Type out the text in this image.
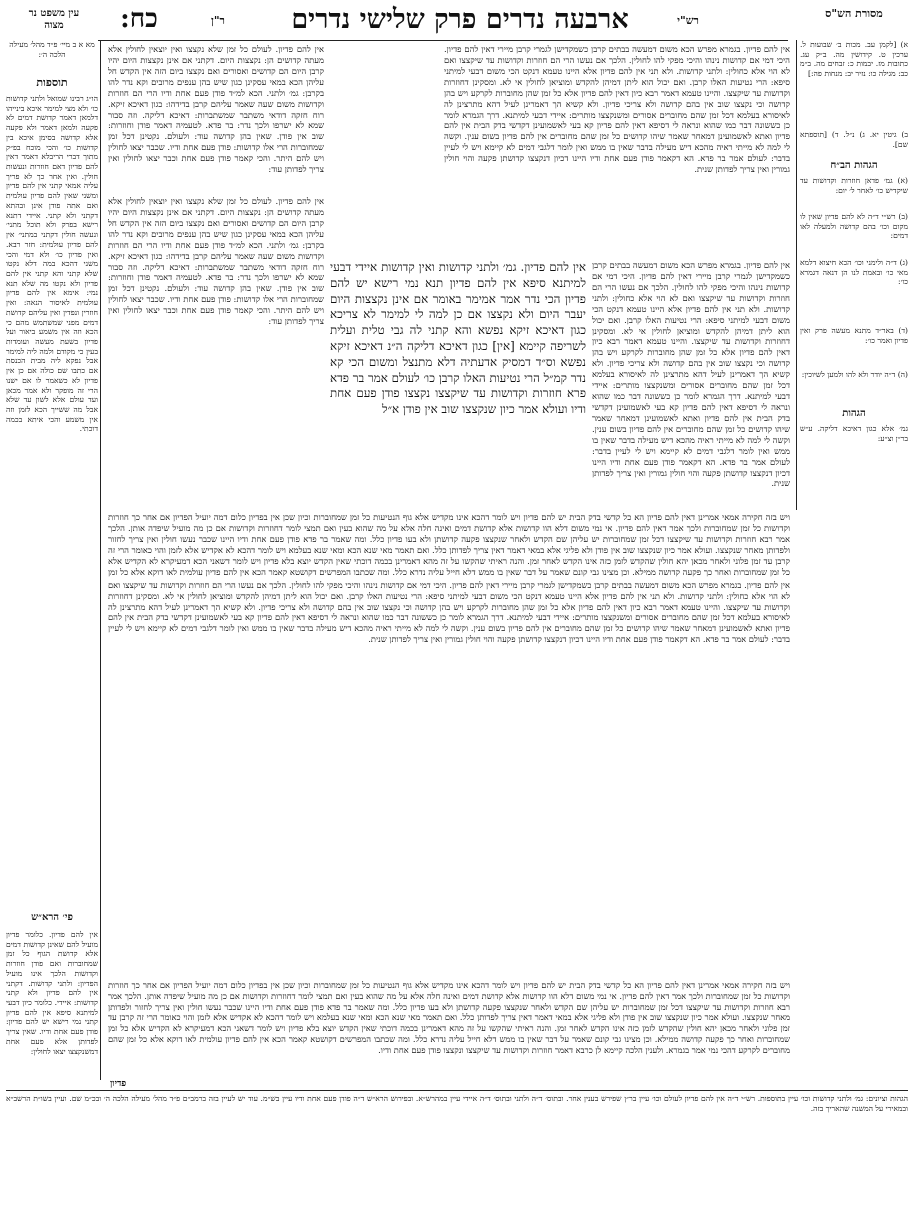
עין משפט נר מצוה	כח:	ר"ן	ארבעה נדרים פרק שלישי נדרים	רש"י
מסורת הש"ס
מא א ב מיי׳ פ״ד מהל׳ מעילה הלכה ה׳:
תוספות
הו״ג רבינו שמואל ולתני קדושות כו׳ ולא מצי למימר איכא בינייהו דלמאן דאמר קדושת דמים לא פקעה ולמאן דאמר ולא פקעה אלא קדושה בסימן איכא בין קדושות כו׳ והכי מוכח בפ״ק מתוך דברי הריבלא דאמר דאין להם פדיון דאם חוזרות ונעשות חולין. ואין אחר כך לא פריך עליה אמאי קתני אין להם פדיון ומשני שאין להם פדיון עולמית ואם אתה פודן אינן ובהתא דקתני ולא קתני. איידי דתנא רישא בפרק ולא תוכל מתני׳ ונעשה חולין דקתני במתני׳ אין להם פדיון עולמית: חזר רבא. ואין פדיון כו׳ ולא דמי והכי משני דהכא במה דלא נקטו שלא קתני והא קתני אין להם פדיון ולא נקטו מה שלא תנא נמי: אימא אין להם פדיון עולמית לאיסור הנאה: ואין חוזרין ונפדין ואין עליהם קדושת דמים מפני שמשתמש מהם כי הכא וזה אין משמע ביאור ועל פדיון בשעת מעשה ועומדות בעין כי מקודם ולמה ליה למימר אבל נפקא ליה מבית הכנסת אם כתבו שם כולה אם כן אין פדיון לא כשאמר לו אם ישנו הרי זה מופקר ולא אמר מכאן ועד עולם אלא לשון עד שלא אבל מה ששייך הכא לזמן וזה אין משמע והכי איתא בכמה דוכתי.
פי׳ הרא״ש
אין להם פדיון. כלומר פדיון מועיל להם שאינן קדושות דמים אלא קדושת הגוף כל זמן שמחוברות ואם פודן חוזרות וקדושות הלכך אינו מועיל הפדיון: ולתני קדושות. דקתני אין להם פדיון ולא קתני קדושות: איידי. כלומר כיון דבעי למיתנא סיפא אין להם פדיון קתני נמי רישא יש להם פדיון: פודן פעם אחת ודיו. שאין צריך לפדותן אלא פעם אחת דמשנקצצו יצאו לחולין:
א) [לקמן עב. מכות ב׳ שבועות ל. ערכין ט. קידושין מה. ב״ק עג. כתובות מז. יבמות כ: זבחים מה. ב״מ כב: מגילה כו: נזיר יב: מנחות פה:]
ב) גיטין יא. ג) נ״ל. ד) [תוספתא שם].
הגהות הב״ח
(א) גמ׳ פדאן חוזרות וקדושות עד שיקדיש כו׳ לאחר ל׳ יום:
(ב) רש״י ד״ה לא להם פדיון שאין לו מקום וכו׳ בהם קדושה ולמעלה לאו דמים:
(ג) ד״ה ולימני וכו׳ הכא חיצוא דלמא מאי כו׳ ובאמת לנו הן דנאה דגמרא כו׳:
(ד) באר״ד מתנא מעשה פרק ואין פדיון ואמר כו׳:
(ה) ד״ה יודר ולא להו ולמען לשיוכין:
הגהות
גמ׳ אלא כגון דאיכא דליקה. ע״ש בר״ן וצ״ע:
אין להם פדיון. לעולם כל זמן שלא נקצצו ואין יוצאין לחולין אלא מעתה קדושים הן: נקצצות היום. דקתני אם אינן נקצצות היום יהיו קרבן היום הם קדושים ואסורים ואם נקצצו ביום הזה אין הקדש חל עליהן הכא במאי עסקינן כגון שיש בהן ענפים מרובים וקא נדר להו בקרבן: גמ׳ ולתני. הכא למ״ד פודן פעם אחת ודיו הרי הם חוזרות וקדושות משום שעה שאמר עליהם קרבן בדידהו: כגון דאיכא זיקא. רוח חזקה דודאי משתבר שמשתברות: דאיכא דליקה. וזה סבור שמא לא ישרפו ולכך נדר: בר פדא. לטעמיה דאמר פודן וחוזרות: שוב אין פודן. שאין בהן קדושה עוד: ולעולם. נקטינן דכל זמן שמחוברות הרי אלו קדושות: פודן פעם אחת ודיו. שכבר יצאו לחולין ויש להם היתר. והכי קאמר פודן פעם אחת וכבר יצאו לחולין ואין צריך לפדותן עוד:
אין להם פדיון. בגמרא מפרש הכא משום דמעשה בבתים קרבן כשמקדישן לגמרי קרבן מיירי דאין להם פדיון. היכי דמי אם קדושות נינהו והיכי מפקי להו לחולין. הלכך אם נעשו הרי הם חוזרות וקדושות עד שיקצצו ואם לא הוי אלא כחולין: ולתני קדושות. ולא תני אין להם פדיון אלא היינו טעמא דנקט הכי משום דבעי למיתני סיפא: הרי נטיעות האלו קרבן. ואם יכול הוא ליתן דמיהן להקדש ומוציאן לחולין אי לא. ומסקינן דחוזרות וקדושות עד שיקצצו. והיינו טעמא דאמר רבא כיון דאין להם פדיון אלא כל זמן שהן מחוברות לקרקע ויש בהן קדושה וכי נקצצו שוב אין בהם קדושה ולא צריכי פדיון. ולא קשיא הך דאמרינן לעיל דהא מתרצינן לה לאיסורא בעלמא דכל זמן שהם מחוברים אסורים ומשנקצצו מותרים: איידי דבעי למיתנא. דרך הגמרא לומר כן כששונה דבר כמו שהוא ונראה לי דסיפא דאין להם פדיון קא בעי לאשמועינן דקדשי בדק הבית אין להם פדיון ואתא לאשמועינן דמאחר שאמר שיהו קדושים כל זמן שהם מחוברים אין להם פדיון בשום ענין. וקשה לי למה לא מייתי ראיה מהכא דיש מעילה בדבר שאין בו ממש ואין לומר דלגבי דמים לא קיימא ויש לי לעיין בדבר: לעולם אמר בר פדא. הא דקאמר פודן פעם אחת ודיו היינו דכיון דנקצצו קדושתן פקעה והוי חולין גמורין ואין צריך לפדותן שנית.
אין להם פדיון. גמ׳ ולתני קדושות ואין קדושות איידי דבעי למיתנא סיפא אין להם פדיון תנא נמי רישא יש להם פדיון הכי נדר אמר אמימר באומר אם אינן נקצצות היום יעבר היום ולא נקצצו אם כן למה לי למימר לא צריכא כגון דאיכא זיקא נפשא והא קתני לה גבי טלית ועלית לשריפה קיימא [אין] כגון דאיכא דליקה ה״נ דאיכא זיקא נפשא וס״ד דמסיק אדעתיה דלא מתנצל ומשום הכי קא נדר קמ״ל הרי נטיעות האלו קרבן כו׳ לעולם אמר בר פדא פרא חוזרות וקדושות עד שיקצצו נקצצו פודן פעם אחת ודיו ועולא אמר כיון שנקצצו שוב אין פודן א״ל
אין להם פדיון. לעולם כל זמן שלא נקצצו ואין יוצאין לחולין אלא מעתה קדושים הן: נקצצות היום. דקתני אם אינן נקצצות היום יהיו קרבן היום הם קדושים ואסורים ואם נקצצו ביום הזה אין הקדש חל עליהן הכא במאי עסקינן כגון שיש בהן ענפים מרובים וקא נדר להו בקרבן: גמ׳ ולתני. הכא למ״ד פודן פעם אחת ודיו הרי הם חוזרות וקדושות משום שעה שאמר עליהם קרבן בדידהו: כגון דאיכא זיקא. רוח חזקה דודאי משתבר שמשתברות: דאיכא דליקה. וזה סבור שמא לא ישרפו ולכך נדר: בר פדא. לטעמיה דאמר פודן וחוזרות: שוב אין פודן. שאין בהן קדושה עוד: ולעולם. נקטינן דכל זמן שמחוברות הרי אלו קדושות: פודן פעם אחת ודיו. שכבר יצאו לחולין ויש להם היתר. והכי קאמר פודן פעם אחת וכבר יצאו לחולין ואין צריך לפדותן עוד:
אין להם פדיון. בגמרא מפרש הכא משום דמעשה בבתים קרבן כשמקדישן לגמרי קרבן מיירי דאין להם פדיון. היכי דמי אם קדושות נינהו והיכי מפקי להו לחולין. הלכך אם נעשו הרי הם חוזרות וקדושות עד שיקצצו ואם לא הוי אלא כחולין: ולתני קדושות. ולא תני אין להם פדיון אלא היינו טעמא דנקט הכי משום דבעי למיתני סיפא: הרי נטיעות האלו קרבן. ואם יכול הוא ליתן דמיהן להקדש ומוציאן לחולין אי לא. ומסקינן דחוזרות וקדושות עד שיקצצו. והיינו טעמא דאמר רבא כיון דאין להם פדיון אלא כל זמן שהן מחוברות לקרקע ויש בהן קדושה וכי נקצצו שוב אין בהם קדושה ולא צריכי פדיון. ולא קשיא הך דאמרינן לעיל דהא מתרצינן לה לאיסורא בעלמא דכל זמן שהם מחוברים אסורים ומשנקצצו מותרים: איידי דבעי למיתנא. דרך הגמרא לומר כן כששונה דבר כמו שהוא ונראה לי דסיפא דאין להם פדיון קא בעי לאשמועינן דקדשי בדק הבית אין להם פדיון ואתא לאשמועינן דמאחר שאמר שיהו קדושים כל זמן שהם מחוברים אין להם פדיון בשום ענין. וקשה לי למה לא מייתי ראיה מהכא דיש מעילה בדבר שאין בו ממש ואין לומר דלגבי דמים לא קיימא ויש לי לעיין בדבר: לעולם אמר בר פדא. הא דקאמר פודן פעם אחת ודיו היינו דכיון דנקצצו קדושתן פקעה והוי חולין גמורין ואין צריך לפדותן שנית.
ויש בזה חקירה אמאי אמרינן דאין להם פדיון הא כל קדשי בדק הבית יש להם פדיון ויש לומר דהכא אינו מקדיש אלא גוף הנטיעות כל זמן שמחוברות וכיון שכן אין בפדיון כלום דמה יועיל הפדיון אם אחר כך חוזרות וקדושות כל זמן שמחוברות ולכך אמר דאין להם פדיון. אי נמי משום דלא הוו קדושות אלא קדושת דמים ואינה חלה אלא על מה שהוא בעין ואם תמצי לומר דחוזרות וקדושות אם כן מה מועיל שיפדה אותן. הלכך אמר רבא חוזרות וקדושות עד שיקצצו דכל זמן שמחוברות יש עליהן שם הקדש ולאחר שנקצצו פקעה קדושתן ולא בעו פדיון כלל. ומה שאמר בר פדא פודן פעם אחת ודיו היינו שכבר נעשו חולין ואין צריך לחזור ולפדותן מאחר שנקצצו. ועולא אמר כיון שנקצצו שוב אין פודן ולא פליגי אלא במאי דאמר דאין צריך לפדותן כלל. ואם תאמר מאי שנא הכא ומאי שנא בעלמא ויש לומר דהכא לא אקדיש אלא לזמן והוי כאומר הרי זה קרבן עד זמן פלוני ולאחר מכאן יהא חולין שהקדש לזמן כזה אינו הקדש לאחר זמן. והנה ראיתי שהקשו על זה מהא דאמרינן בכמה דוכתי שאין הקדש יוצא בלא פדיון ויש לומר דשאני הכא דמעיקרא לא הקדיש אלא כל זמן שמחוברות ואחר כך פקעה קדושה ממילא. וכן מצינו גבי קונם שאמר על דבר שאין בו ממש דלא חייל עליה נדרא כלל. ומה שכתבו המפרשים דקושטא קאמר הכא אין להם פדיון עולמית לאו דוקא אלא כל זמן
אין להם פדיון. בגמרא מפרש הכא משום דמעשה בבתים קרבן כשמקדישן לגמרי קרבן מיירי דאין להם פדיון. היכי דמי אם קדושות נינהו והיכי מפקי להו לחולין. הלכך אם נעשו הרי הם חוזרות וקדושות עד שיקצצו ואם לא הוי אלא כחולין: ולתני קדושות. ולא תני אין להם פדיון אלא היינו טעמא דנקט הכי משום דבעי למיתני סיפא: הרי נטיעות האלו קרבן. ואם יכול הוא ליתן דמיהן להקדש ומוציאן לחולין אי לא. ומסקינן דחוזרות וקדושות עד שיקצצו. והיינו טעמא דאמר רבא כיון דאין להם פדיון אלא כל זמן שהן מחוברות לקרקע ויש בהן קדושה וכי נקצצו שוב אין בהם קדושה ולא צריכי פדיון. ולא קשיא הך דאמרינן לעיל דהא מתרצינן לה לאיסורא בעלמא דכל זמן שהם מחוברים אסורים ומשנקצצו מותרים: איידי דבעי למיתנא. דרך הגמרא לומר כן כששונה דבר כמו שהוא ונראה לי דסיפא דאין להם פדיון קא בעי לאשמועינן דקדשי בדק הבית אין להם פדיון ואתא לאשמועינן דמאחר שאמר שיהו קדושים כל זמן שהם מחוברים אין להם פדיון בשום ענין. וקשה לי למה לא מייתי ראיה מהכא דיש מעילה בדבר שאין בו ממש ואין לומר דלגבי דמים לא קיימא ויש לי לעיין בדבר: לעולם אמר בר פדא. הא דקאמר פודן פעם אחת ודיו היינו דכיון דנקצצו קדושתן פקעה והוי חולין גמורין ואין צריך לפדותן שנית.
ויש בזה חקירה אמאי אמרינן דאין להם פדיון הא כל קדשי בדק הבית יש להם פדיון ויש לומר דהכא אינו מקדיש אלא גוף הנטיעות כל זמן שמחוברות וכיון שכן אין בפדיון כלום דמה יועיל הפדיון אם אחר כך חוזרות וקדושות כל זמן שמחוברות ולכך אמר דאין להם פדיון. אי נמי משום דלא הוו קדושות אלא קדושת דמים ואינה חלה אלא על מה שהוא בעין ואם תמצי לומר דחוזרות וקדושות אם כן מה מועיל שיפדה אותן. הלכך אמר רבא חוזרות וקדושות עד שיקצצו דכל זמן שמחוברות יש עליהן שם הקדש ולאחר שנקצצו פקעה קדושתן ולא בעו פדיון כלל. ומה שאמר בר פדא פודן פעם אחת ודיו היינו שכבר נעשו חולין ואין צריך לחזור ולפדותן מאחר שנקצצו. ועולא אמר כיון שנקצצו שוב אין פודן ולא פליגי אלא במאי דאמר דאין צריך לפדותן כלל. ואם תאמר מאי שנא הכא ומאי שנא בעלמא ויש לומר דהכא לא אקדיש אלא לזמן והוי כאומר הרי זה קרבן עד זמן פלוני ולאחר מכאן יהא חולין שהקדש לזמן כזה אינו הקדש לאחר זמן. והנה ראיתי שהקשו על זה מהא דאמרינן בכמה דוכתי שאין הקדש יוצא בלא פדיון ויש לומר דשאני הכא דמעיקרא לא הקדיש אלא כל זמן שמחוברות ואחר כך פקעה קדושה ממילא. וכן מצינו גבי קונם שאמר על דבר שאין בו ממש דלא חייל עליה נדרא כלל. ומה שכתבו המפרשים דקושטא קאמר הכא אין להם פדיון עולמית לאו דוקא אלא כל זמן שהם מחוברים לקרקע דהכי נמי אמר בגמרא. ולענין הלכה קיימא לן כרבא דאמר חוזרות וקדושות עד שיקצצו ונקצצו פודן פעם אחת ודיו.
פדיון
הגהות וציונים: גמ׳ ולתני קדושות וכו׳ עיין בתוספות. רש״י ד״ה אין להם פדיון לעולם וכו׳ עיין בר״ן שפירש בענין אחר. ובתוס׳ ד״ה ולתני ובתוס׳ ד״ה איידי עיין במהרש״א. ובפירוש הרא״ש ד״ה פודן פעם אחת ודיו עיין בש״מ. עוד יש לעיין בזה ברמב״ם פ״ד מהל׳ מעילה הלכה ה׳ ובכ״מ שם. ועיין בשו״ת הרשב״א ובמאירי על המשנה שהאריך בזה.
